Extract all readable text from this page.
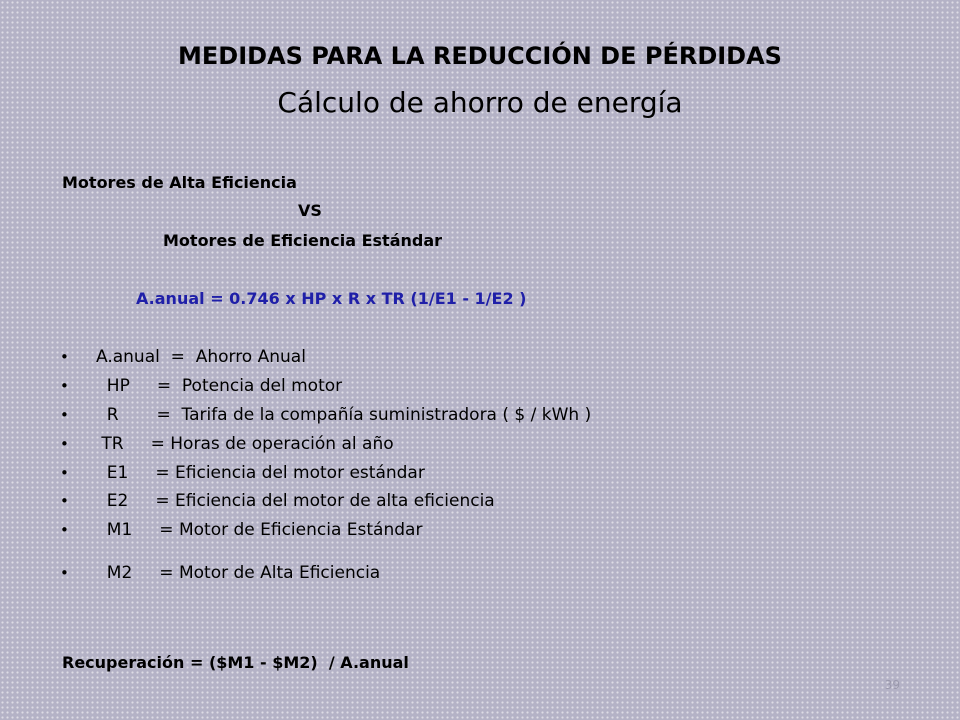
MEDIDAS PARA LA REDUCCIÓN DE PÉRDIDAS
Cálculo de ahorro de energía
Motores de Alta Eficiencia
VS
Motores de Eficiencia Estándar
A.anual = 0.746 x HP x R x TR (1/E1 - 1/E2 )

•

A.anual  =  Ahorro Anual

•

HP     =  Potencia del motor

•

R       =  Tarifa de la compañía suministradora ( $ / kWh )

•

TR     = Horas de operación al año

•

E1     = Eficiencia del motor estándar

•

E2     = Eficiencia del motor de alta eficiencia

•

M1     = Motor de Eficiencia Estándar

•

M2     = Motor de Alta Eficiencia

Recuperación = ($M1 - $M2)  / A.anual
39
